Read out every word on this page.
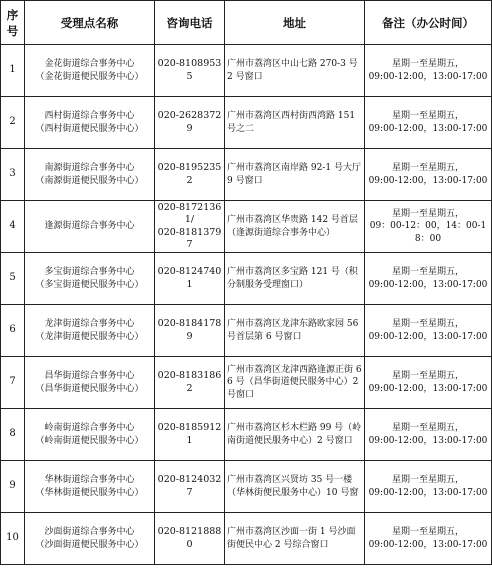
序号	受理点名称	咨询电话	地址	备注（办公时间）
1	金花街道综合事务中心
（金花街道便民服务中心）	020-81089535	广州市荔湾区中山七路 270-3 号 2 号窗口	星期一至星期五，
09:00-12:00，13:00-17:00

2	西村街道综合事务中心
（西村街道便民服务中心）	020-26283729	广州市荔湾区西村街西湾路 151 号之二	星期一至星期五，
09:00-12:00，13:00-17:00

3	南源街道综合事务中心
（南源街道便民服务中心）	020-81952352	广州市荔湾区南岸路 92-1 号大厅 9 号窗口	星期一至星期五，
09:00-12:00，13:00-17:00

4	逢源街道综合事务中心	020-81721361/
020-81813797	广州市荔湾区华贵路 142 号首层（逢源街道综合事务中心）	星期一至星期五，
09：00-12：00，14：00-18：00

5	多宝街道综合事务中心
（多宝街道便民服务中心）	020-81247401	广州市荔湾区多宝路 121 号（积分制服务受理窗口）	星期一至星期五，
09:00-12:00，13:00-17:00

6	龙津街道综合事务中心
（龙津街道便民服务中心）	020-81841789	广州市荔湾区龙津东路欧家园 56 号首层第 6 号窗口	星期一至星期五，
09:00-12:00，13:00-17:00

7	昌华街道综合事务中心
（昌华街道便民服务中心）	020-81831862	广州市荔湾区龙津西路逢源正街 66 号（昌华街道便民服务中心）2 号窗口	星期一至星期五，
09:00-12:00，13:00-17:00

8	岭南街道综合事务中心
（岭南街道便民服务中心）	020-81859121	广州市荔湾区杉木栏路 99 号（岭南街道便民服务中心）2 号窗口	星期一至星期五，
09:00-12:00，13:00-17:00

9	华林街道综合事务中心
（华林街道便民服务中心）	020-81240327	广州市荔湾区兴贤坊 35 号一楼（华林街便民服务中心）10 号窗	星期一至星期五，
09:00-12:00，13:00-17:00

10	沙面街道综合事务中心
（沙面街道便民服务中心）	020-81218880	广州市荔湾区沙面一街 1 号沙面街便民中心 2 号综合窗口	星期一至星期五，
09:00-12:00，13:00-17:00
